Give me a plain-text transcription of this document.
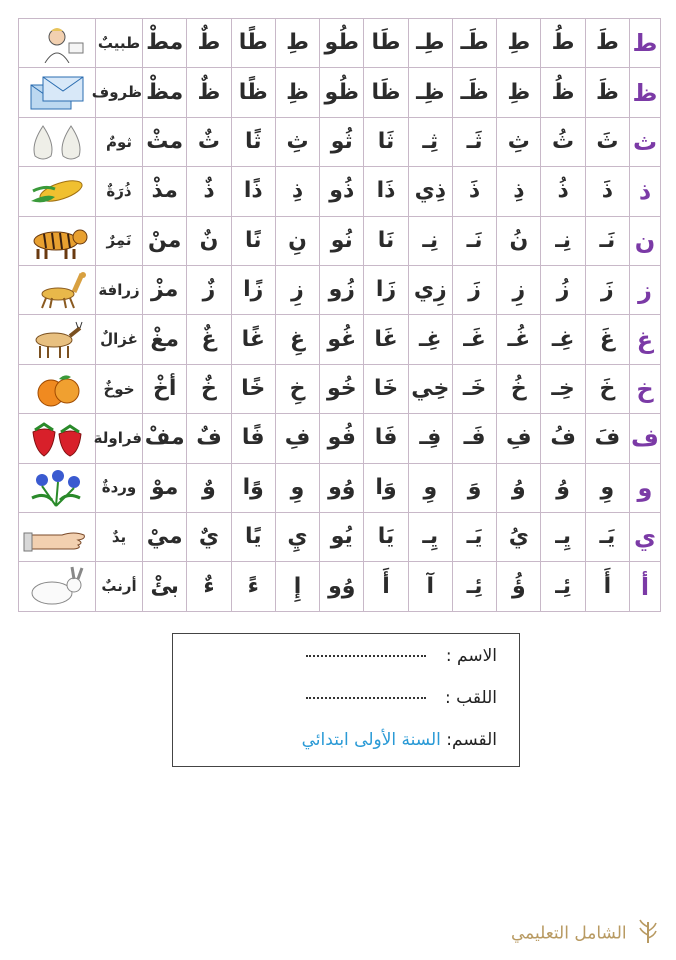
ط	طَ	طُ	طِ	طَـ	طِـ	طَا	طُو	طِ	طًا	طٌ	مطْ	طبيبٌ	

ظ	ظَ	ظُ	ظِ	ظَـ	ظِـ	ظَا	ظُو	ظِ	ظًا	ظٌ	مظْ	ظروف	

ث	ثَ	ثُ	ثِ	ثَـ	ثِـ	ثَا	ثُو	ثِ	ثًا	ثٌ	مثْ	ثومٌ	

ذ	ذَ	ذُ	ذِ	ذَ	ذِي	ذَا	ذُو	ذِ	ذًا	ذٌ	مذْ	ذُرَةٌ	

ن	نَـ	نِـ	نُ	نَـ	نِـ	نَا	نُو	نِ	نًا	نٌ	منْ	نَمِرٌ	

ز	زَ	زُ	زِ	زَ	زِي	زَا	زُو	زِ	زًا	زٌ	مزْ	زرافة	

غ	غَ	غِـ	غُـ	غَـ	غِـ	غَا	غُو	غِ	غًا	غٌ	مغْ	غزالٌ	

خ	خَ	خِـ	خُ	خَـ	خِي	خَا	خُو	خِ	خًا	خٌ	أخْ	خوخٌ	

ف	فَ	فُ	فِ	فَـ	فِـ	فَا	فُو	فِ	فًا	فٌ	مفْ	فراولة	

و	وِ	وُ	وُ	وَ	وِ	وَا	وُو	وِ	وًا	وٌ	موْ	وردةٌ	

ي	يَـ	يِـ	يُ	يَـ	يِـ	يَا	يُو	يِ	يًا	يٌ	ميْ	يدٌ	

أ	أَ	ئِـ	ؤُ	ئِـ	آ	أَ	وُو	إِ	ءً	ءٌ	بئْ	أرنبٌ	
الاسم :
اللقب :
القسم: السنة الأولى ابتدائي
الشامل التعليمي
